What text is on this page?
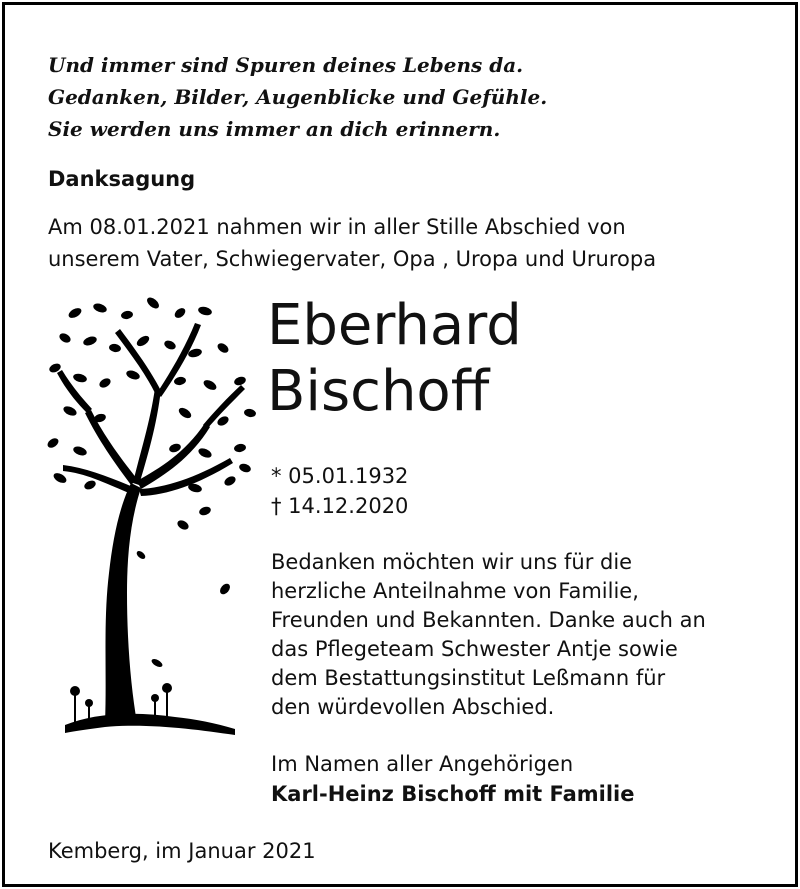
Und immer sind Spuren deines Lebens da.
Gedanken, Bilder, Augenblicke und Gefühle.
Sie werden uns immer an dich erinnern.
Danksagung
Am 08.01.2021 nahmen wir in aller Stille Abschied von
unserem Vater, Schwiegervater, Opa , Uropa und Ururopa
Eberhard
Bischoff
* 05.01.1932
† 14.12.2020
Bedanken möchten wir uns für die
herzliche Anteilnahme von Familie,
Freunden und Bekannten. Danke auch an
das Pflegeteam Schwester Antje sowie
dem Bestattungsinstitut Leßmann für
den würdevollen Abschied.
Im Namen aller Angehörigen
Karl-Heinz Bischoff mit Familie
Kemberg, im Januar 2021
